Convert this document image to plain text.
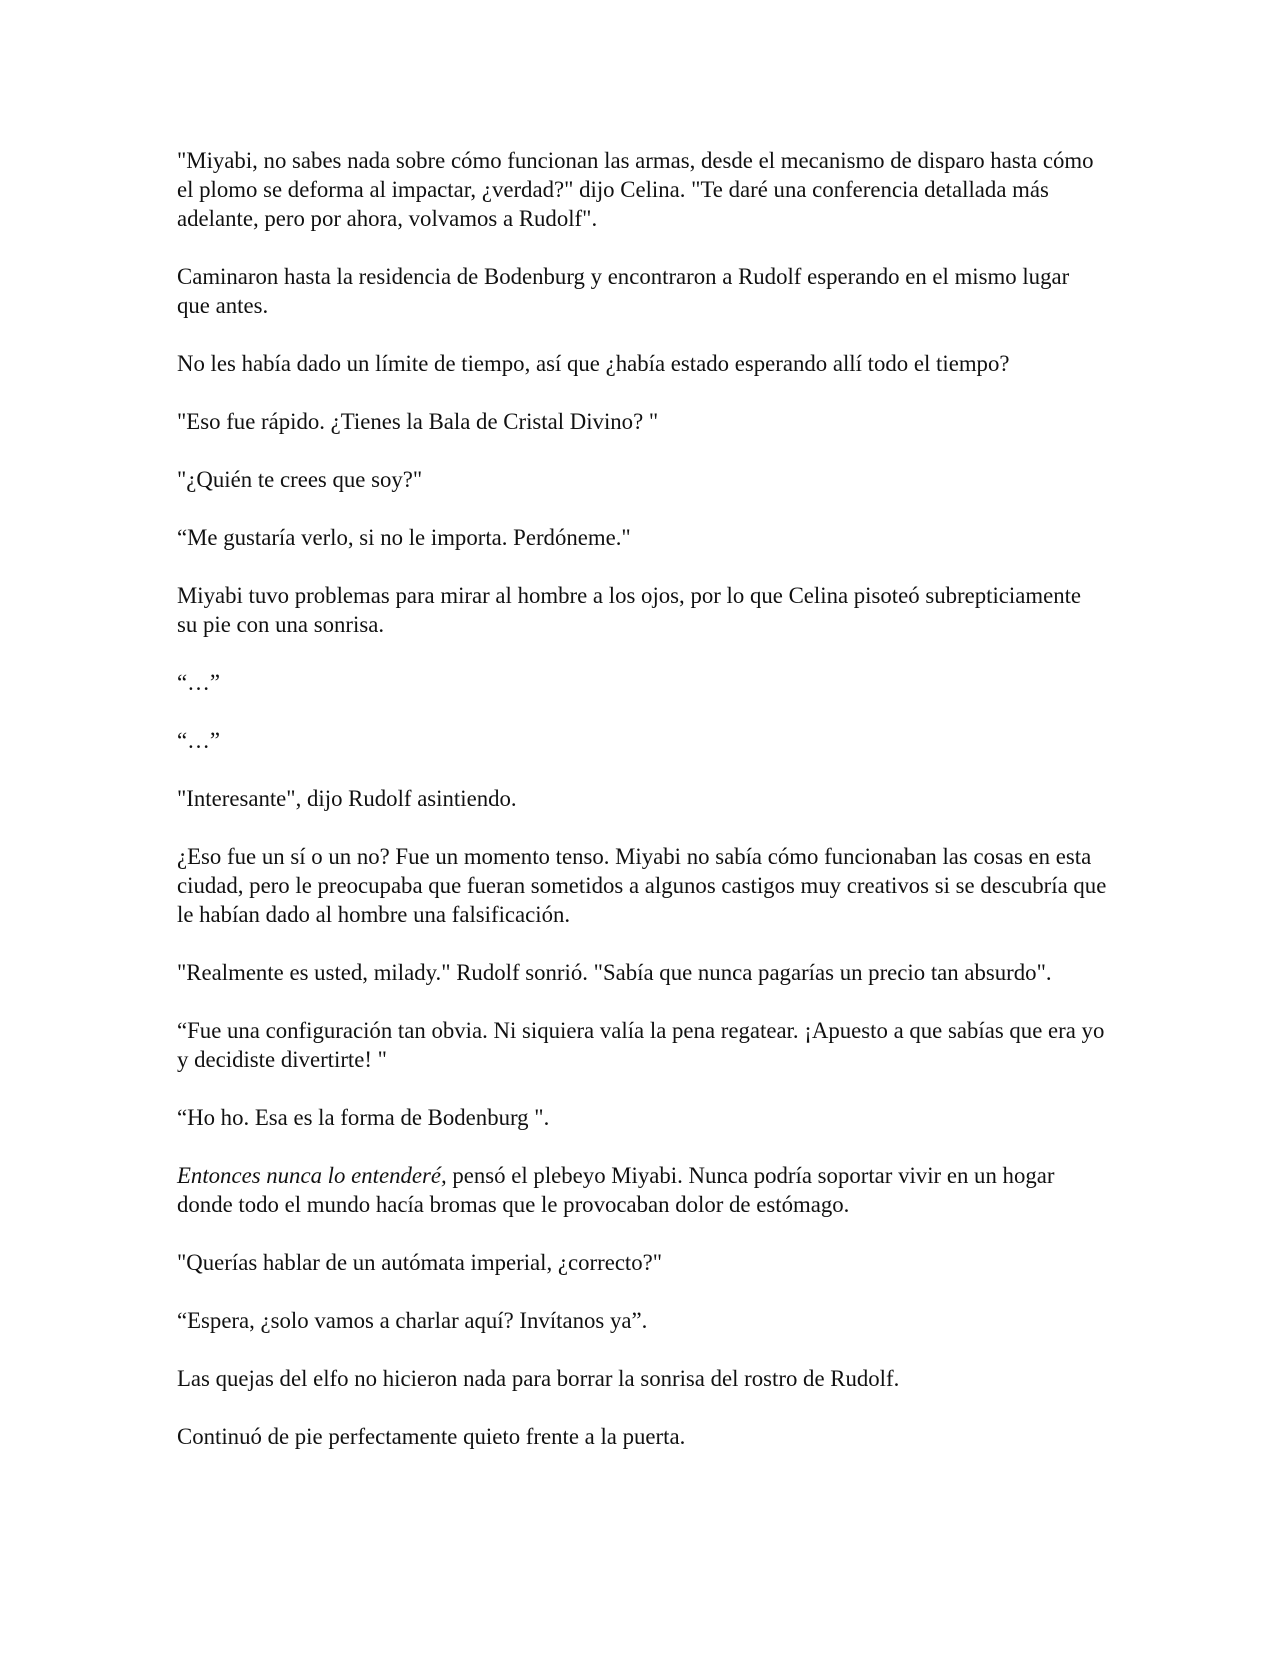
"Miyabi, no sabes nada sobre cómo funcionan las armas, desde el mecanismo de disparo hasta cómo el plomo se deforma al impactar, ¿verdad?" dijo Celina. "Te daré una conferencia detallada más adelante, pero por ahora, volvamos a Rudolf".

Caminaron hasta la residencia de Bodenburg y encontraron a Rudolf esperando en el mismo lugar que antes.

No les había dado un límite de tiempo, así que ¿había estado esperando allí todo el tiempo?

"Eso fue rápido. ¿Tienes la Bala de Cristal Divino? "

"¿Quién te crees que soy?"

“Me gustaría verlo, si no le importa. Perdóneme."

Miyabi tuvo problemas para mirar al hombre a los ojos, por lo que Celina pisoteó subrepticiamente su pie con una sonrisa.

“…”

“…”

"Interesante", dijo Rudolf asintiendo.

¿Eso fue un sí o un no? Fue un momento tenso. Miyabi no sabía cómo funcionaban las cosas en esta ciudad, pero le preocupaba que fueran sometidos a algunos castigos muy creativos si se descubría que le habían dado al hombre una falsificación.

"Realmente es usted, milady." Rudolf sonrió. "Sabía que nunca pagarías un precio tan absurdo".

“Fue una configuración tan obvia. Ni siquiera valía la pena regatear. ¡Apuesto a que sabías que era yo y decidiste divertirte! "

“Ho ho. Esa es la forma de Bodenburg ".

Entonces nunca lo entenderé, pensó el plebeyo Miyabi. Nunca podría soportar vivir en un hogar donde todo el mundo hacía bromas que le provocaban dolor de estómago.

"Querías hablar de un autómata imperial, ¿correcto?"

“Espera, ¿solo vamos a charlar aquí? Invítanos ya”.

Las quejas del elfo no hicieron nada para borrar la sonrisa del rostro de Rudolf.

Continuó de pie perfectamente quieto frente a la puerta.
